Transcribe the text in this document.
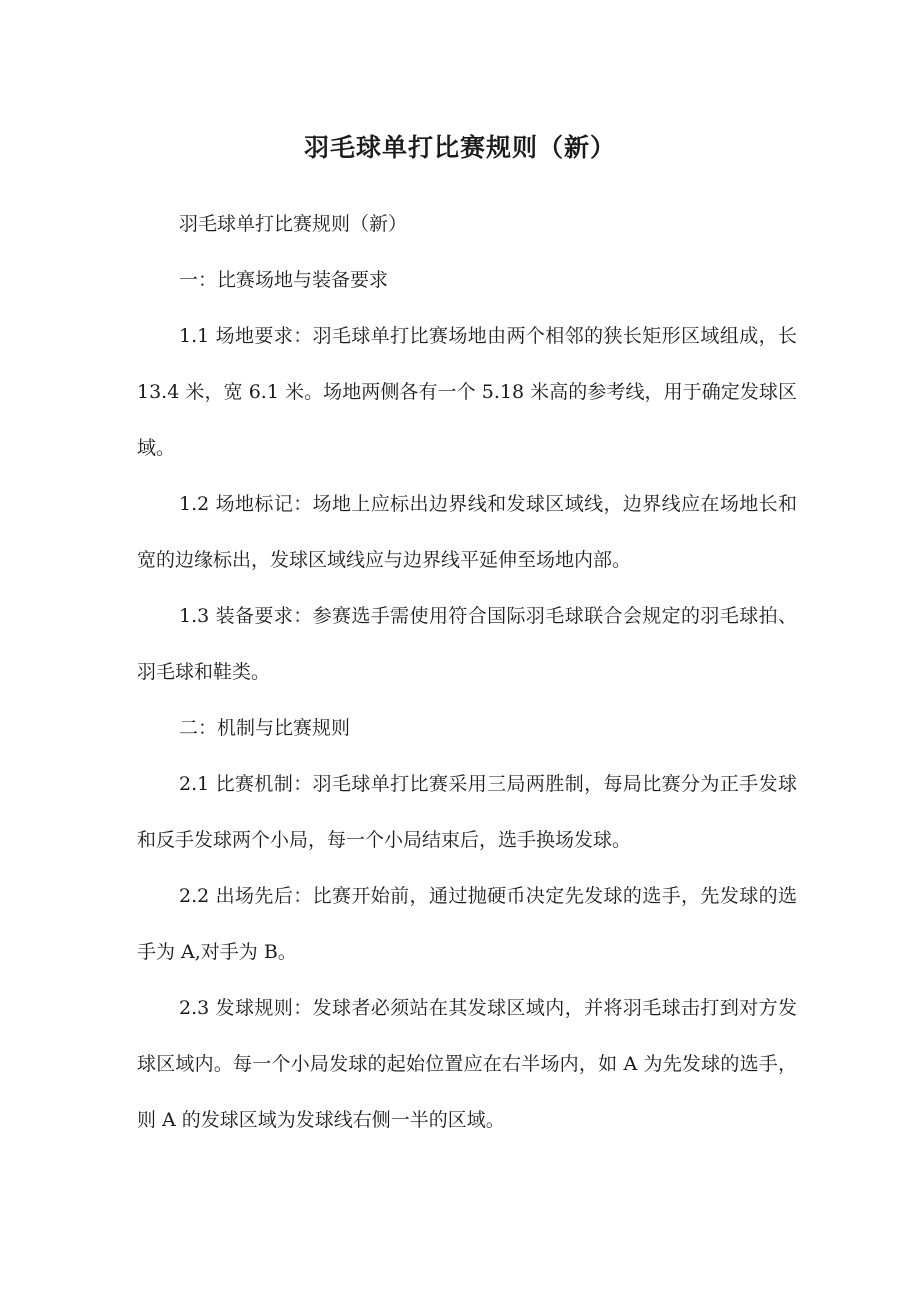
羽毛球单打比赛规则（新）

羽毛球单打比赛规则（新）

一：比赛场地与装备要求

1.1 场地要求：羽毛球单打比赛场地由两个相邻的狭长矩形区域组成，长 13.4 米，宽 6.1 米。场地两侧各有一个 5.18 米高的参考线，用于确定发球区域。

1.2 场地标记：场地上应标出边界线和发球区域线，边界线应在场地长和宽的边缘标出，发球区域线应与边界线平延伸至场地内部。

1.3 装备要求：参赛选手需使用符合国际羽毛球联合会规定的羽毛球拍、羽毛球和鞋类。

二：机制与比赛规则

2.1 比赛机制：羽毛球单打比赛采用三局两胜制，每局比赛分为正手发球和反手发球两个小局，每一个小局结束后，选手换场发球。

2.2 出场先后：比赛开始前，通过抛硬币决定先发球的选手，先发球的选手为 A,对手为 B。

2.3 发球规则：发球者必须站在其发球区域内，并将羽毛球击打到对方发球区域内。每一个小局发球的起始位置应在右半场内，如 A 为先发球的选手，则 A 的发球区域为发球线右侧一半的区域。
